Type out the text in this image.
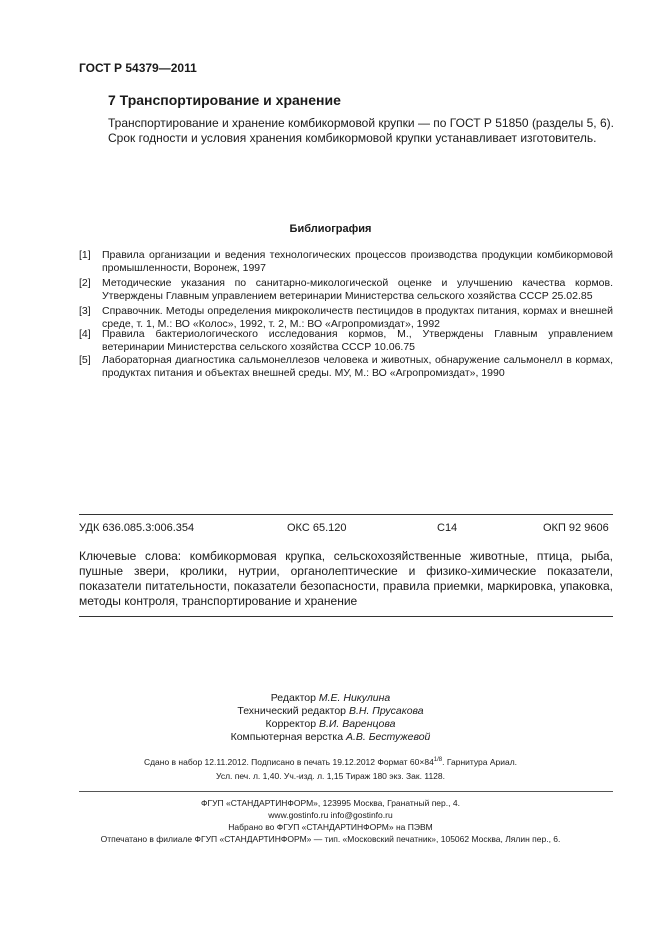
ГОСТ Р 54379—2011
7 Транспортирование и хранение
Транспортирование и хранение комбикормовой крупки — по ГОСТ Р 51850 (разделы 5, 6).
Срок годности и условия хранения комбикормовой крупки устанавливает изготовитель.
Библиография
[1] Правила организации и ведения технологических процессов производства продукции комбикормовой промышленности, Воронеж, 1997
[2] Методические указания по санитарно-микологической оценке и улучшению качества кормов. Утверждены Главным управлением ветеринарии Министерства сельского хозяйства СССР 25.02.85
[3] Справочник. Методы определения микроколичеств пестицидов в продуктах питания, кормах и внешней среде, т. 1, М.: ВО «Колос», 1992, т. 2, М.: ВО «Агропромиздат», 1992
[4] Правила бактериологического исследования кормов, М., Утверждены Главным управлением ветеринарии Министерства сельского хозяйства СССР 10.06.75
[5] Лабораторная диагностика сальмонеллезов человека и животных, обнаружение сальмонелл в кормах, продуктах питания и объектах внешней среды. МУ, М.: ВО «Агропромиздат», 1990
УДК 636.085.3:006.354	ОКС 65.120	С14	ОКП 92 9606
Ключевые слова: комбикормовая крупка, сельскохозяйственные животные, птица, рыба, пушные звери, кролики, нутрии, органолептические и физико-химические показатели, показатели питательности, показатели безопасности, правила приемки, маркировка, упаковка, методы контроля, транспортирование и хранение
Редактор М.Е. Никулина
Технический редактор В.Н. Прусакова
Корректор В.И. Варенцова
Компьютерная верстка А.В. Бестужевой
Сдано в набор 12.11.2012. Подписано в печать 19.12.2012 Формат $60\times 84^{1/8}$. Гарнитура Ариал.
Усл. печ. л. 1,40. Уч.-изд. л. 1,15 Тираж 180 экз. Зак. 1128.
ФГУП «СТАНДАРТИНФОРМ», 123995 Москва, Гранатный пер., 4.
www.gostinfo.ru info@gostinfo.ru
Набрано во ФГУП «СТАНДАРТИНФОРМ» на ПЭВМ
Отпечатано в филиале ФГУП «СТАНДАРТИНФОРМ» — тип. «Московский печатник», 105062 Москва, Лялин пер., 6.
